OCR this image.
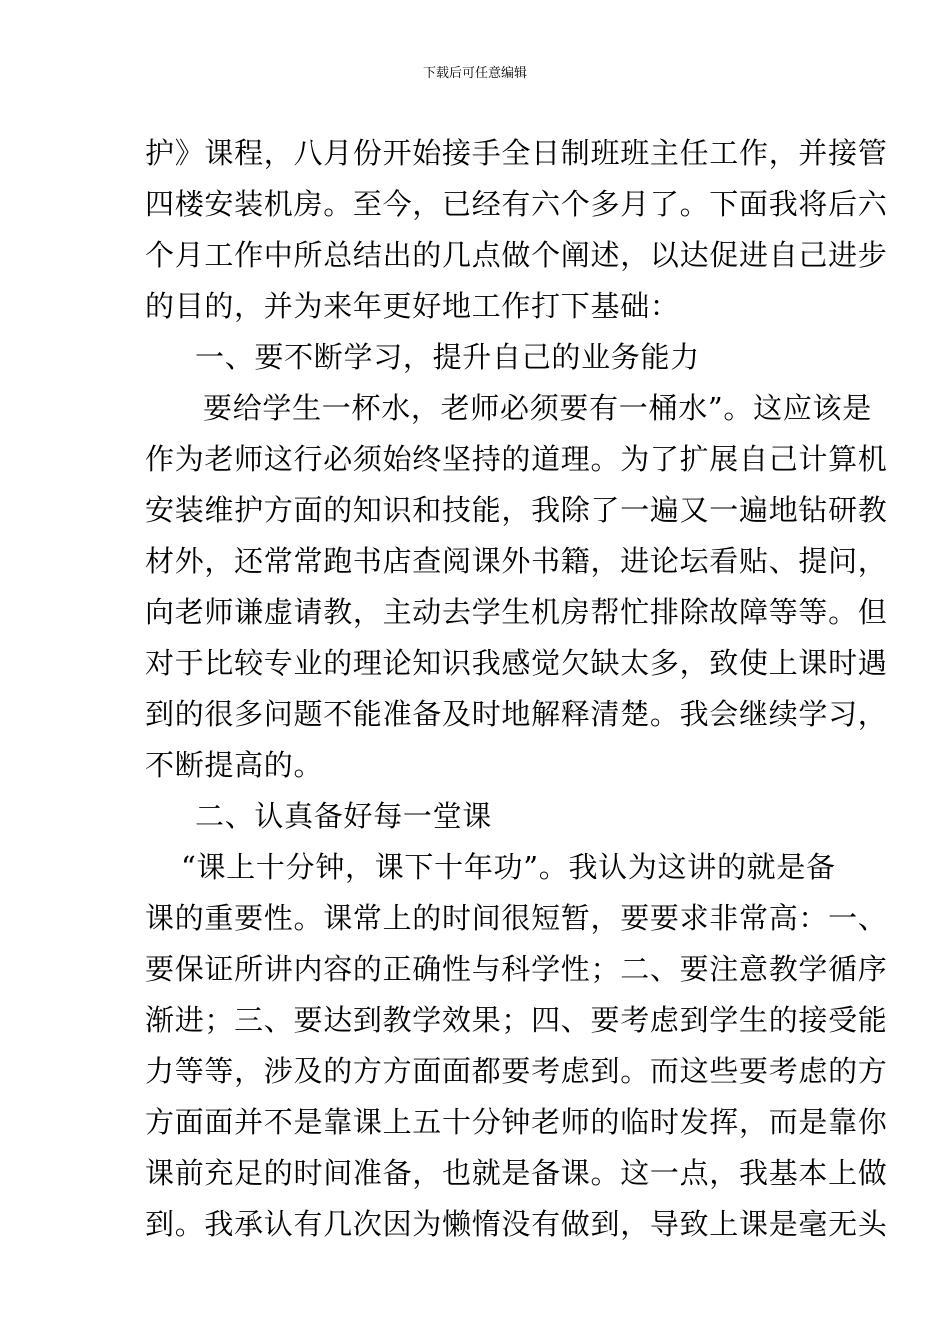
下载后可任意编辑
护》课程，八月份开始接手全日制班班主任工作，并接管
四楼安装机房。至今，已经有六个多月了。下面我将后六
个月工作中所总结出的几点做个阐述，以达促进自己进步
的目的，并为来年更好地工作打下基础：
一、要不断学习，提升自己的业务能力
要给学生一杯水，老师必须要有一桶水”。这应该是
作为老师这行必须始终坚持的道理。为了扩展自己计算机
安装维护方面的知识和技能，我除了一遍又一遍地钻研教
材外，还常常跑书店查阅课外书籍，进论坛看贴、提问，
向老师谦虚请教，主动去学生机房帮忙排除故障等等。但
对于比较专业的理论知识我感觉欠缺太多，致使上课时遇
到的很多问题不能准备及时地解释清楚。我会继续学习，
不断提高的。
二、认真备好每一堂课
“课上十分钟，课下十年功”。我认为这讲的就是备
课的重要性。课常上的时间很短暂，要要求非常高：一、
要保证所讲内容的正确性与科学性；二、要注意教学循序
渐进；三、要达到教学效果；四、要考虑到学生的接受能
力等等，涉及的方方面面都要考虑到。而这些要考虑的方
方面面并不是靠课上五十分钟老师的临时发挥，而是靠你
课前充足的时间准备，也就是备课。这一点，我基本上做
到。我承认有几次因为懒惰没有做到，导致上课是毫无头
